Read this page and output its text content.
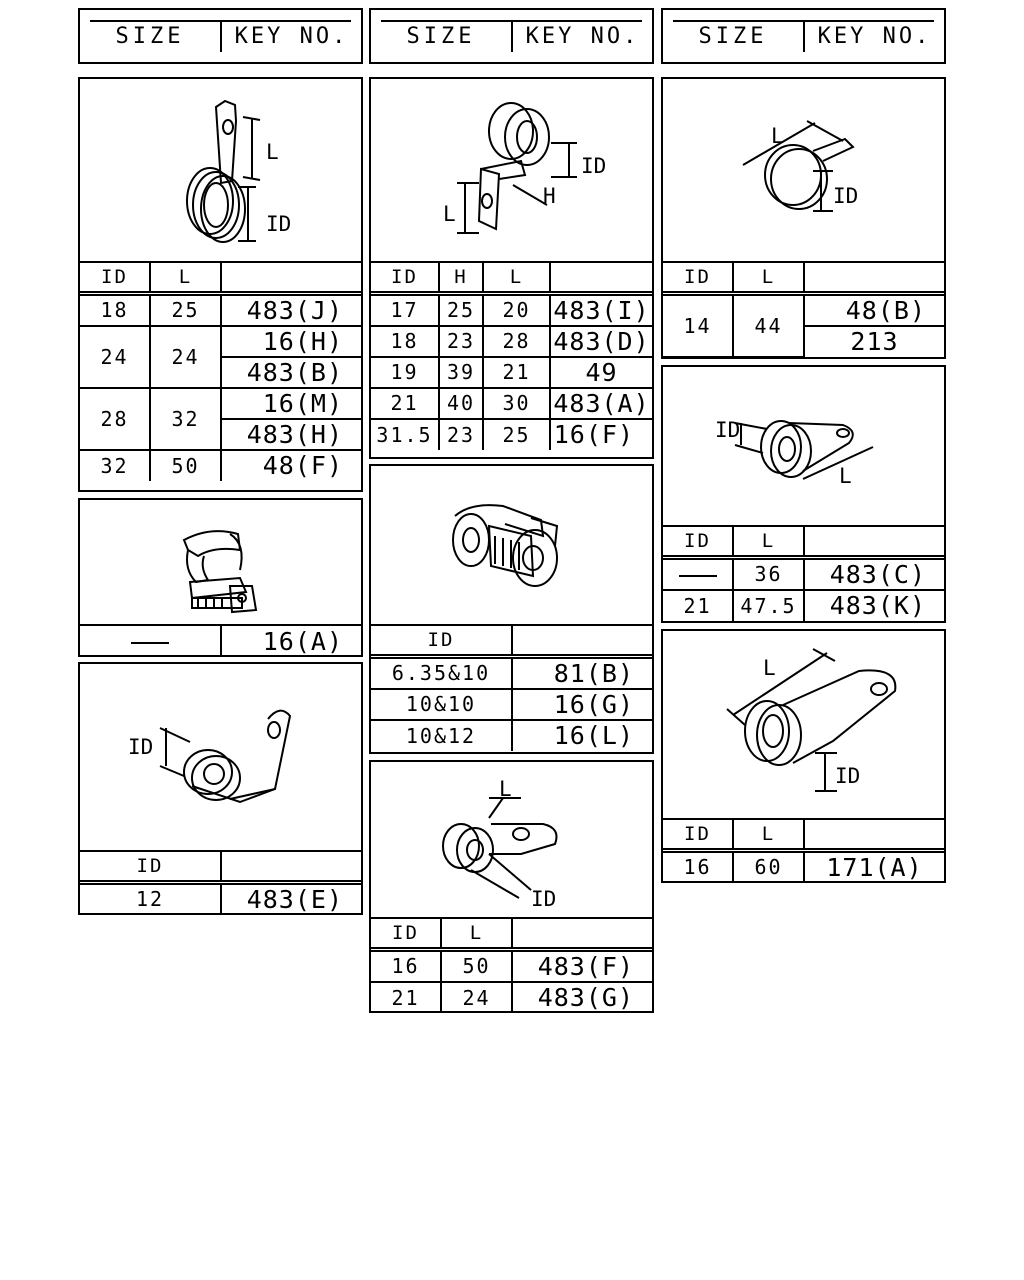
SIZE	KEY NO.	SIZE	KEY NO.	SIZE	KEY NO.
L
ID
ID	L	
18	25	483(J)
24	24	16(H)
		483(B)
28	32	16(M)
		483(H)
32	50	48(F)
	16(A)
ID
ID	
12	483(E)
ID
H
L
ID	H	L	
17	25	20	483(I)
18	23	28	483(D)
19	39	21	49
21	40	30	483(A)
31.5	23	25	16(F)
ID	
6.35&10	81(B)
10&10	16(G)
10&12	16(L)
L
ID
ID	L	
16	50	483(F)
21	24	483(G)
L
ID
ID	L	
14	44	48(B)
		213
ID
L
ID	L	
	36	483(C)
21	47.5	483(K)
L
ID
ID	L	
16	60	171(A)
